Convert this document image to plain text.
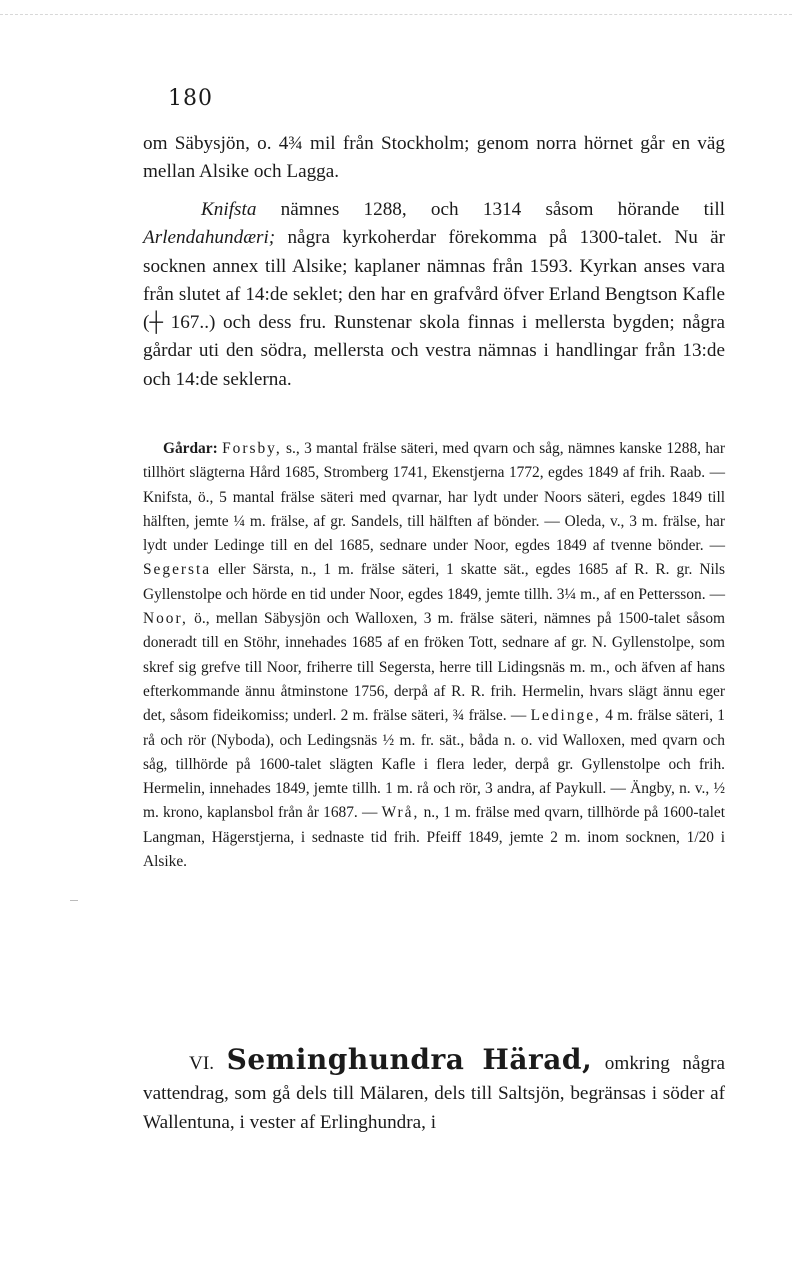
180
om Säbysjön, o. 4¾ mil från Stockholm; genom norra hörnet går en väg mellan Alsike och Lagga.
Knifsta nämnes 1288, och 1314 såsom hörande till Arlendahundæri; några kyrkoherdar förekomma på 1300-talet. Nu är socknen annex till Alsike; kaplaner nämnas från 1593. Kyrkan anses vara från slutet af 14:de seklet; den har en grafvård öfver Erland Bengtson Kafle (┼ 167..) och dess fru. Runstenar skola finnas i mellersta bygden; några gårdar uti den södra, mellersta och vestra nämnas i handlingar från 13:de och 14:de seklerna.
Gårdar: Forsby, s., 3 mantal frälse säteri, med qvarn och såg, nämnes kanske 1288, har tillhört slägterna Hård 1685, Stromberg 1741, Ekenstjerna 1772, egdes 1849 af frih. Raab. — Knifsta, ö., 5 mantal frälse säteri med qvarnar, har lydt under Noors säteri, egdes 1849 till hälften, jemte ¼ m. frälse, af gr. Sandels, till hälften af bönder. — Oleda, v., 3 m. frälse, har lydt under Ledinge till en del 1685, sednare under Noor, egdes 1849 af tvenne bönder. — Segersta eller Särsta, n., 1 m. frälse säteri, 1 skatte sät., egdes 1685 af R. R. gr. Nils Gyllenstolpe och hörde en tid under Noor, egdes 1849, jemte tillh. 3¼ m., af en Pettersson. — Noor, ö., mellan Säbysjön och Walloxen, 3 m. frälse säteri, nämnes på 1500-talet såsom doneradt till en Stöhr, innehades 1685 af en fröken Tott, sednare af gr. N. Gyllenstolpe, som skref sig grefve till Noor, friherre till Segersta, herre till Lidingsnäs m. m., och äfven af hans efterkommande ännu åtminstone 1756, derpå af R. R. frih. Hermelin, hvars slägt ännu eger det, såsom fideikomiss; underl. 2 m. frälse säteri, ¾ frälse. — Ledinge, 4 m. frälse säteri, 1 rå och rör (Nyboda), och Ledingsnäs ½ m. fr. sät., båda n. o. vid Walloxen, med qvarn och såg, tillhörde på 1600-talet slägten Kafle i flera leder, derpå gr. Gyllenstolpe och frih. Hermelin, innehades 1849, jemte tillh. 1 m. rå och rör, 3 andra, af Paykull. — Ängby, n. v., ½ m. krono, kaplansbol från år 1687. — Wrå, n., 1 m. frälse med qvarn, tillhörde på 1600-talet Langman, Hägerstjerna, i sednaste tid frih. Pfeiff 1849, jemte 2 m. inom socknen, 1/20 i Alsike.
VI. Seminghundra Härad, omkring några vattendrag, som gå dels till Mälaren, dels till Saltsjön, begränsas i söder af Wallentuna, i vester af Erlinghundra, i
